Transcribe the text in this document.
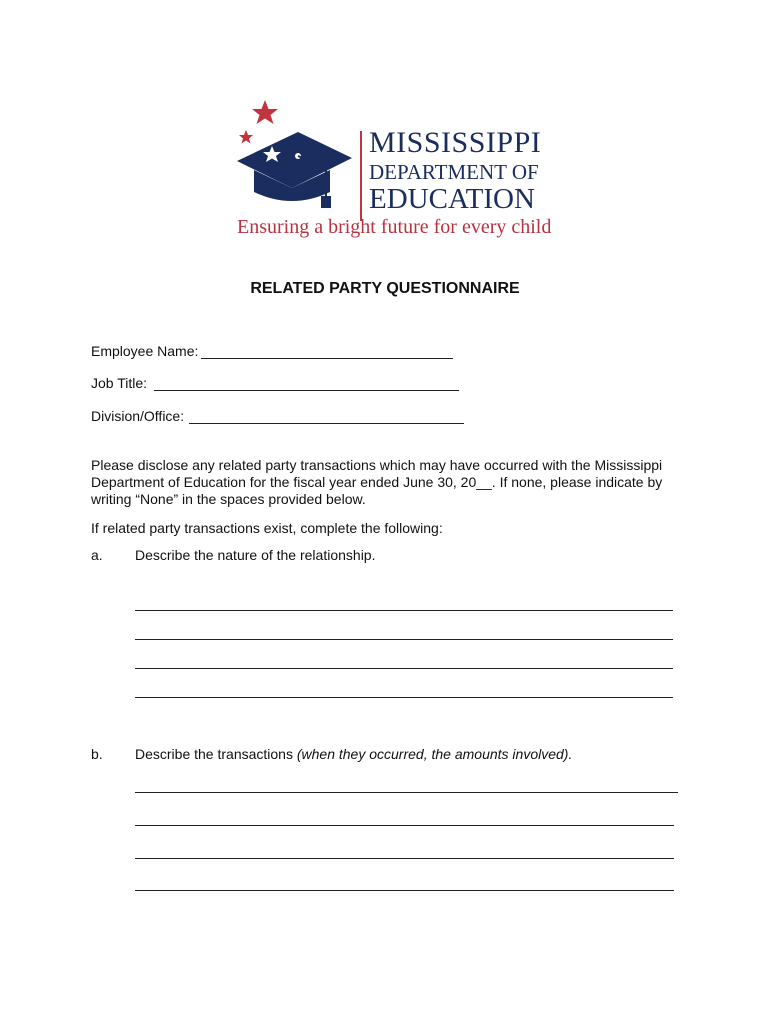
MISSISSIPPI
DEPARTMENT OF
EDUCATION
Ensuring a bright future for every child
RELATED PARTY QUESTIONNAIRE
Employee Name:
Job Title:
Division/Office:
Please disclose any related party transactions which may have occurred with the Mississippi Department of Education for the fiscal year ended June 30, 20__. If none, please indicate by writing “None” in the spaces provided below.
If related party transactions exist, complete the following:
a. Describe the nature of the relationship.
b. Describe the transactions (when they occurred, the amounts involved).
